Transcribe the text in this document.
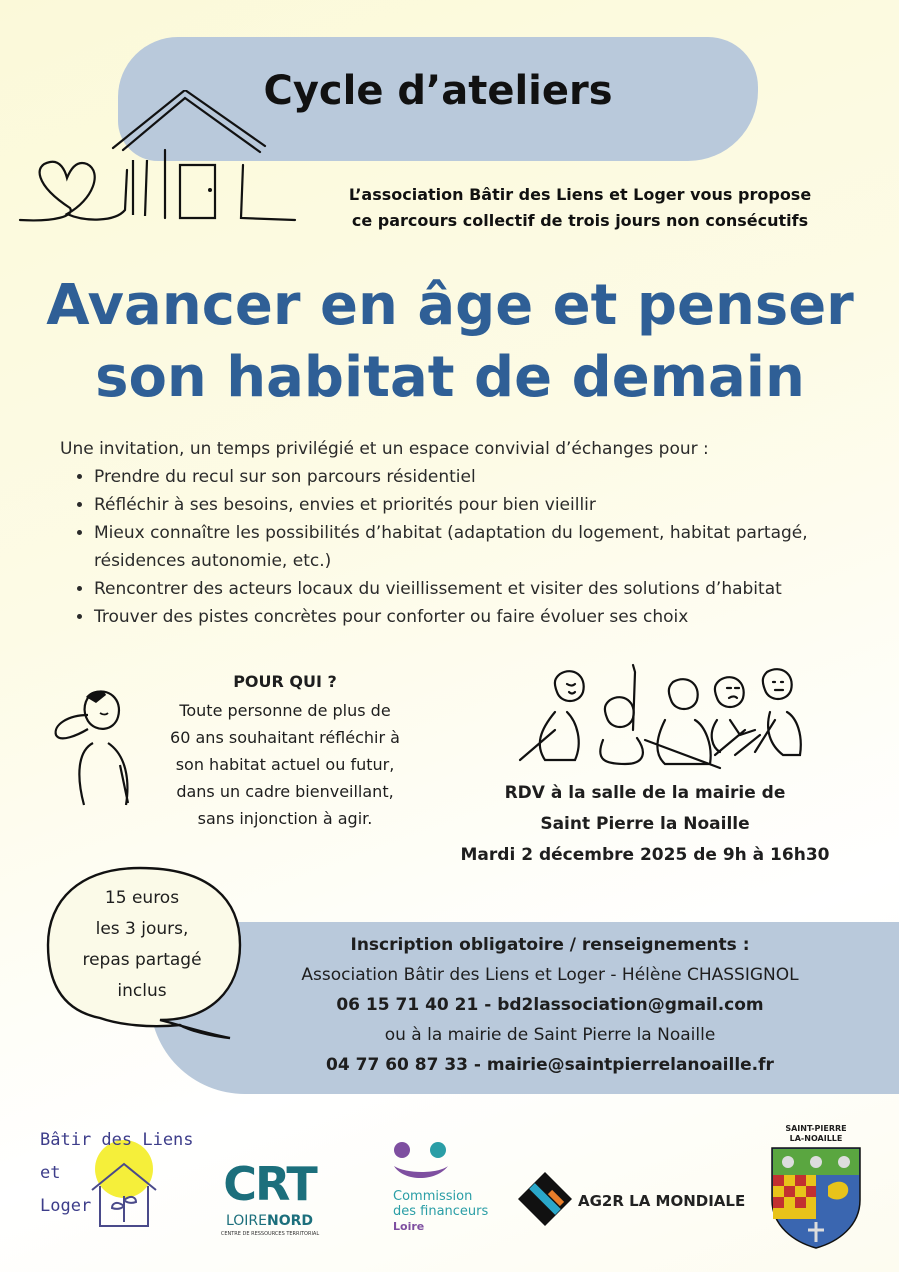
Cycle d’ateliers
L’association Bâtir des Liens et Loger vous propose
ce parcours collectif de trois jours non consécutifs
Avancer en âge et penser
son habitat de demain
Une invitation, un temps privilégié et un espace convivial d’échanges pour :
• Prendre du recul sur son parcours résidentiel
• Réfléchir à ses besoins, envies et priorités pour bien vieillir
• Mieux connaître les possibilités d’habitat (adaptation du logement, habitat partagé, résidences autonomie, etc.)
• Rencontrer des acteurs locaux du vieillissement et visiter des solutions d’habitat
• Trouver des pistes concrètes pour conforter ou faire évoluer ses choix
POUR QUI ?
Toute personne de plus de
60 ans souhaitant réfléchir à
son habitat actuel ou futur,
dans un cadre bienveillant,
sans injonction à agir.
RDV à la salle de la mairie de
Saint Pierre la Noaille
Mardi 2 décembre 2025 de 9h à 16h30
15 euros
les 3 jours,
repas partagé
inclus
Inscription obligatoire / renseignements :
Association Bâtir des Liens et Loger - Hélène CHASSIGNOL
06 15 71 40 21 - bd2lassociation@gmail.com
ou à la mairie de Saint Pierre la Noaille
04 77 60 87 33 - mairie@saintpierrelanoaille.fr
Bâtir des Liens
et
Loger	CRT
LOIRENORD
CENTRE DE RESSOURCES TERRITORIAL
Commission
des financeurs
Loire
AG2R LA MONDIALE
SAINT-PIERRE
LA-NOAILLE
